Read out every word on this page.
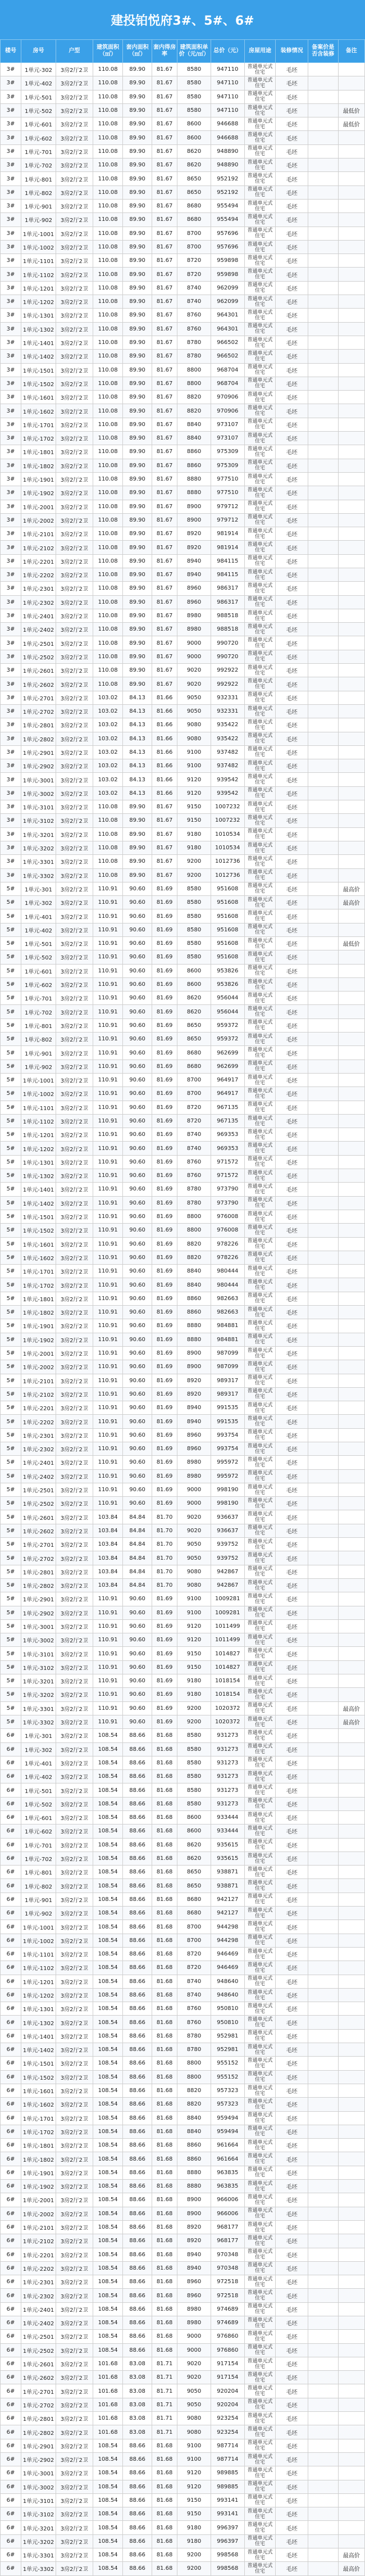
建投铂悦府3#、5#、6#
楼号	房号	户型	建筑面积（㎡）	套内面积（㎡）	套内得房率	建筑面积单价（元/㎡）	总价（元）	房屋用途	装修情况	备案价是否含装修	备注
3#	1单元-302	3房2厅2卫	110.08	89.90	81.67	8580	947110	普通单元式住宅	毛坯		
3#	1单元-402	3房2厅2卫	110.08	89.90	81.67	8580	947110	普通单元式住宅	毛坯		
3#	1单元-501	3房2厅2卫	110.08	89.90	81.67	8580	947110	普通单元式住宅	毛坯		
3#	1单元-502	3房2厅2卫	110.08	89.90	81.67	8580	947110	普通单元式住宅	毛坯		最低价
3#	1单元-601	3房2厅2卫	110.08	89.90	81.67	8600	946688	普通单元式住宅	毛坯		最低价
3#	1单元-602	3房2厅2卫	110.08	89.90	81.67	8600	946688	普通单元式住宅	毛坯		
3#	1单元-701	3房2厅2卫	110.08	89.90	81.67	8620	948890	普通单元式住宅	毛坯		
3#	1单元-702	3房2厅2卫	110.08	89.90	81.67	8620	948890	普通单元式住宅	毛坯		
3#	1单元-801	3房2厅2卫	110.08	89.90	81.67	8650	952192	普通单元式住宅	毛坯		
3#	1单元-802	3房2厅2卫	110.08	89.90	81.67	8650	952192	普通单元式住宅	毛坯		
3#	1单元-901	3房2厅2卫	110.08	89.90	81.67	8680	955494	普通单元式住宅	毛坯		
3#	1单元-902	3房2厅2卫	110.08	89.90	81.67	8680	955494	普通单元式住宅	毛坯		
3#	1单元-1001	3房2厅2卫	110.08	89.90	81.67	8700	957696	普通单元式住宅	毛坯		
3#	1单元-1002	3房2厅2卫	110.08	89.90	81.67	8700	957696	普通单元式住宅	毛坯		
3#	1单元-1101	3房2厅2卫	110.08	89.90	81.67	8720	959898	普通单元式住宅	毛坯		
3#	1单元-1102	3房2厅2卫	110.08	89.90	81.67	8720	959898	普通单元式住宅	毛坯		
3#	1单元-1201	3房2厅2卫	110.08	89.90	81.67	8740	962099	普通单元式住宅	毛坯		
3#	1单元-1202	3房2厅2卫	110.08	89.90	81.67	8740	962099	普通单元式住宅	毛坯		
3#	1单元-1301	3房2厅2卫	110.08	89.90	81.67	8760	964301	普通单元式住宅	毛坯		
3#	1单元-1302	3房2厅2卫	110.08	89.90	81.67	8760	964301	普通单元式住宅	毛坯		
3#	1单元-1401	3房2厅2卫	110.08	89.90	81.67	8780	966502	普通单元式住宅	毛坯		
3#	1单元-1402	3房2厅2卫	110.08	89.90	81.67	8780	966502	普通单元式住宅	毛坯		
3#	1单元-1501	3房2厅2卫	110.08	89.90	81.67	8800	968704	普通单元式住宅	毛坯		
3#	1单元-1502	3房2厅2卫	110.08	89.90	81.67	8800	968704	普通单元式住宅	毛坯		
3#	1单元-1601	3房2厅2卫	110.08	89.90	81.67	8820	970906	普通单元式住宅	毛坯		
3#	1单元-1602	3房2厅2卫	110.08	89.90	81.67	8820	970906	普通单元式住宅	毛坯		
3#	1单元-1701	3房2厅2卫	110.08	89.90	81.67	8840	973107	普通单元式住宅	毛坯		
3#	1单元-1702	3房2厅2卫	110.08	89.90	81.67	8840	973107	普通单元式住宅	毛坯		
3#	1单元-1801	3房2厅2卫	110.08	89.90	81.67	8860	975309	普通单元式住宅	毛坯		
3#	1单元-1802	3房2厅2卫	110.08	89.90	81.67	8860	975309	普通单元式住宅	毛坯		
3#	1单元-1901	3房2厅2卫	110.08	89.90	81.67	8880	977510	普通单元式住宅	毛坯		
3#	1单元-1902	3房2厅2卫	110.08	89.90	81.67	8880	977510	普通单元式住宅	毛坯		
3#	1单元-2001	3房2厅2卫	110.08	89.90	81.67	8900	979712	普通单元式住宅	毛坯		
3#	1单元-2002	3房2厅2卫	110.08	89.90	81.67	8900	979712	普通单元式住宅	毛坯		
3#	1单元-2101	3房2厅2卫	110.08	89.90	81.67	8920	981914	普通单元式住宅	毛坯		
3#	1单元-2102	3房2厅2卫	110.08	89.90	81.67	8920	981914	普通单元式住宅	毛坯		
3#	1单元-2201	3房2厅2卫	110.08	89.90	81.67	8940	984115	普通单元式住宅	毛坯		
3#	1单元-2202	3房2厅2卫	110.08	89.90	81.67	8940	984115	普通单元式住宅	毛坯		
3#	1单元-2301	3房2厅2卫	110.08	89.90	81.67	8960	986317	普通单元式住宅	毛坯		
3#	1单元-2302	3房2厅2卫	110.08	89.90	81.67	8960	986317	普通单元式住宅	毛坯		
3#	1单元-2401	3房2厅2卫	110.08	89.90	81.67	8980	988518	普通单元式住宅	毛坯		
3#	1单元-2402	3房2厅2卫	110.08	89.90	81.67	8980	988518	普通单元式住宅	毛坯		
3#	1单元-2501	3房2厅2卫	110.08	89.90	81.67	9000	990720	普通单元式住宅	毛坯		
3#	1单元-2502	3房2厅2卫	110.08	89.90	81.67	9000	990720	普通单元式住宅	毛坯		
3#	1单元-2601	3房2厅2卫	110.08	89.90	81.67	9020	992922	普通单元式住宅	毛坯		
3#	1单元-2602	3房2厅2卫	110.08	89.90	81.67	9020	992922	普通单元式住宅	毛坯		
3#	1单元-2701	3房2厅2卫	103.02	84.13	81.66	9050	932331	普通单元式住宅	毛坯		
3#	1单元-2702	3房2厅2卫	103.02	84.13	81.66	9050	932331	普通单元式住宅	毛坯		
3#	1单元-2801	3房2厅2卫	103.02	84.13	81.66	9080	935422	普通单元式住宅	毛坯		
3#	1单元-2802	3房2厅2卫	103.02	84.13	81.66	9080	935422	普通单元式住宅	毛坯		
3#	1单元-2901	3房2厅2卫	103.02	84.13	81.66	9100	937482	普通单元式住宅	毛坯		
3#	1单元-2902	3房2厅2卫	103.02	84.13	81.66	9100	937482	普通单元式住宅	毛坯		
3#	1单元-3001	3房2厅2卫	103.02	84.13	81.66	9120	939542	普通单元式住宅	毛坯		
3#	1单元-3002	3房2厅2卫	103.02	84.13	81.66	9120	939542	普通单元式住宅	毛坯		
3#	1单元-3101	3房2厅2卫	110.08	89.90	81.67	9150	1007232	普通单元式住宅	毛坯		
3#	1单元-3102	3房2厅2卫	110.08	89.90	81.67	9150	1007232	普通单元式住宅	毛坯		
3#	1单元-3201	3房2厅2卫	110.08	89.90	81.67	9180	1010534	普通单元式住宅	毛坯		
3#	1单元-3202	3房2厅2卫	110.08	89.90	81.67	9180	1010534	普通单元式住宅	毛坯		
3#	1单元-3301	3房2厅2卫	110.08	89.90	81.67	9200	1012736	普通单元式住宅	毛坯		
3#	1单元-3302	3房2厅2卫	110.08	89.90	81.67	9200	1012736	普通单元式住宅	毛坯		
5#	1单元-301	3房2厅2卫	110.91	90.60	81.69	8580	951608	普通单元式住宅	毛坯		最高价
5#	1单元-302	3房2厅2卫	110.91	90.60	81.69	8580	951608	普通单元式住宅	毛坯		最高价
5#	1单元-401	3房2厅2卫	110.91	90.60	81.69	8580	951608	普通单元式住宅	毛坯		
5#	1单元-402	3房2厅2卫	110.91	90.60	81.69	8580	951608	普通单元式住宅	毛坯		
5#	1单元-501	3房2厅2卫	110.91	90.60	81.69	8580	951608	普通单元式住宅	毛坯		最低价
5#	1单元-502	3房2厅2卫	110.91	90.60	81.69	8580	951608	普通单元式住宅	毛坯		
5#	1单元-601	3房2厅2卫	110.91	90.60	81.69	8600	953826	普通单元式住宅	毛坯		
5#	1单元-602	3房2厅2卫	110.91	90.60	81.69	8600	953826	普通单元式住宅	毛坯		
5#	1单元-701	3房2厅2卫	110.91	90.60	81.69	8620	956044	普通单元式住宅	毛坯		
5#	1单元-702	3房2厅2卫	110.91	90.60	81.69	8620	956044	普通单元式住宅	毛坯		
5#	1单元-801	3房2厅2卫	110.91	90.60	81.69	8650	959372	普通单元式住宅	毛坯		
5#	1单元-802	3房2厅2卫	110.91	90.60	81.69	8650	959372	普通单元式住宅	毛坯		
5#	1单元-901	3房2厅2卫	110.91	90.60	81.69	8680	962699	普通单元式住宅	毛坯		
5#	1单元-902	3房2厅2卫	110.91	90.60	81.69	8680	962699	普通单元式住宅	毛坯		
5#	1单元-1001	3房2厅2卫	110.91	90.60	81.69	8700	964917	普通单元式住宅	毛坯		
5#	1单元-1002	3房2厅2卫	110.91	90.60	81.69	8700	964917	普通单元式住宅	毛坯		
5#	1单元-1101	3房2厅2卫	110.91	90.60	81.69	8720	967135	普通单元式住宅	毛坯		
5#	1单元-1102	3房2厅2卫	110.91	90.60	81.69	8720	967135	普通单元式住宅	毛坯		
5#	1单元-1201	3房2厅2卫	110.91	90.60	81.69	8740	969353	普通单元式住宅	毛坯		
5#	1单元-1202	3房2厅2卫	110.91	90.60	81.69	8740	969353	普通单元式住宅	毛坯		
5#	1单元-1301	3房2厅2卫	110.91	90.60	81.69	8760	971572	普通单元式住宅	毛坯		
5#	1单元-1302	3房2厅2卫	110.91	90.60	81.69	8760	971572	普通单元式住宅	毛坯		
5#	1单元-1401	3房2厅2卫	110.91	90.60	81.69	8780	973790	普通单元式住宅	毛坯		
5#	1单元-1402	3房2厅2卫	110.91	90.60	81.69	8780	973790	普通单元式住宅	毛坯		
5#	1单元-1501	3房2厅2卫	110.91	90.60	81.69	8800	976008	普通单元式住宅	毛坯		
5#	1单元-1502	3房2厅2卫	110.91	90.60	81.69	8800	976008	普通单元式住宅	毛坯		
5#	1单元-1601	3房2厅2卫	110.91	90.60	81.69	8820	978226	普通单元式住宅	毛坯		
5#	1单元-1602	3房2厅2卫	110.91	90.60	81.69	8820	978226	普通单元式住宅	毛坯		
5#	1单元-1701	3房2厅2卫	110.91	90.60	81.69	8840	980444	普通单元式住宅	毛坯		
5#	1单元-1702	3房2厅2卫	110.91	90.60	81.69	8840	980444	普通单元式住宅	毛坯		
5#	1单元-1801	3房2厅2卫	110.91	90.60	81.69	8860	982663	普通单元式住宅	毛坯		
5#	1单元-1802	3房2厅2卫	110.91	90.60	81.69	8860	982663	普通单元式住宅	毛坯		
5#	1单元-1901	3房2厅2卫	110.91	90.60	81.69	8880	984881	普通单元式住宅	毛坯		
5#	1单元-1902	3房2厅2卫	110.91	90.60	81.69	8880	984881	普通单元式住宅	毛坯		
5#	1单元-2001	3房2厅2卫	110.91	90.60	81.69	8900	987099	普通单元式住宅	毛坯		
5#	1单元-2002	3房2厅2卫	110.91	90.60	81.69	8900	987099	普通单元式住宅	毛坯		
5#	1单元-2101	3房2厅2卫	110.91	90.60	81.69	8920	989317	普通单元式住宅	毛坯		
5#	1单元-2102	3房2厅2卫	110.91	90.60	81.69	8920	989317	普通单元式住宅	毛坯		
5#	1单元-2201	3房2厅2卫	110.91	90.60	81.69	8940	991535	普通单元式住宅	毛坯		
5#	1单元-2202	3房2厅2卫	110.91	90.60	81.69	8940	991535	普通单元式住宅	毛坯		
5#	1单元-2301	3房2厅2卫	110.91	90.60	81.69	8960	993754	普通单元式住宅	毛坯		
5#	1单元-2302	3房2厅2卫	110.91	90.60	81.69	8960	993754	普通单元式住宅	毛坯		
5#	1单元-2401	3房2厅2卫	110.91	90.60	81.69	8980	995972	普通单元式住宅	毛坯		
5#	1单元-2402	3房2厅2卫	110.91	90.60	81.69	8980	995972	普通单元式住宅	毛坯		
5#	1单元-2501	3房2厅2卫	110.91	90.60	81.69	9000	998190	普通单元式住宅	毛坯		
5#	1单元-2502	3房2厅2卫	110.91	90.60	81.69	9000	998190	普通单元式住宅	毛坯		
5#	1单元-2601	3房2厅2卫	103.84	84.84	81.70	9020	936637	普通单元式住宅	毛坯		
5#	1单元-2602	3房2厅2卫	103.84	84.84	81.70	9020	936637	普通单元式住宅	毛坯		
5#	1单元-2701	3房2厅2卫	103.84	84.84	81.70	9050	939752	普通单元式住宅	毛坯		
5#	1单元-2702	3房2厅2卫	103.84	84.84	81.70	9050	939752	普通单元式住宅	毛坯		
5#	1单元-2801	3房2厅2卫	103.84	84.84	81.70	9080	942867	普通单元式住宅	毛坯		
5#	1单元-2802	3房2厅2卫	103.84	84.84	81.70	9080	942867	普通单元式住宅	毛坯		
5#	1单元-2901	3房2厅2卫	110.91	90.60	81.69	9100	1009281	普通单元式住宅	毛坯		
5#	1单元-2902	3房2厅2卫	110.91	90.60	81.69	9100	1009281	普通单元式住宅	毛坯		
5#	1单元-3001	3房2厅2卫	110.91	90.60	81.69	9120	1011499	普通单元式住宅	毛坯		
5#	1单元-3002	3房2厅2卫	110.91	90.60	81.69	9120	1011499	普通单元式住宅	毛坯		
5#	1单元-3101	3房2厅2卫	110.91	90.60	81.69	9150	1014827	普通单元式住宅	毛坯		
5#	1单元-3102	3房2厅2卫	110.91	90.60	81.69	9150	1014827	普通单元式住宅	毛坯		
5#	1单元-3201	3房2厅2卫	110.91	90.60	81.69	9180	1018154	普通单元式住宅	毛坯		
5#	1单元-3202	3房2厅2卫	110.91	90.60	81.69	9180	1018154	普通单元式住宅	毛坯		
5#	1单元-3301	3房2厅2卫	110.91	90.60	81.69	9200	1020372	普通单元式住宅	毛坯		最高价
5#	1单元-3302	3房2厅2卫	110.91	90.60	81.69	9200	1020372	普通单元式住宅	毛坯		最高价
6#	1单元-301	3房2厅2卫	108.54	88.66	81.68	8580	931273	普通单元式住宅	毛坯		
6#	1单元-302	3房2厅2卫	108.54	88.66	81.68	8580	931273	普通单元式住宅	毛坯		
6#	1单元-401	3房2厅2卫	108.54	88.66	81.68	8580	931273	普通单元式住宅	毛坯		
6#	1单元-402	3房2厅2卫	108.54	88.66	81.68	8580	931273	普通单元式住宅	毛坯		
6#	1单元-501	3房2厅2卫	108.54	88.66	81.68	8580	931273	普通单元式住宅	毛坯		
6#	1单元-502	3房2厅2卫	108.54	88.66	81.68	8580	931273	普通单元式住宅	毛坯		
6#	1单元-601	3房2厅2卫	108.54	88.66	81.68	8600	933444	普通单元式住宅	毛坯		
6#	1单元-602	3房2厅2卫	108.54	88.66	81.68	8600	933444	普通单元式住宅	毛坯		
6#	1单元-701	3房2厅2卫	108.54	88.66	81.68	8620	935615	普通单元式住宅	毛坯		
6#	1单元-702	3房2厅2卫	108.54	88.66	81.68	8620	935615	普通单元式住宅	毛坯		
6#	1单元-801	3房2厅2卫	108.54	88.66	81.68	8650	938871	普通单元式住宅	毛坯		
6#	1单元-802	3房2厅2卫	108.54	88.66	81.68	8650	938871	普通单元式住宅	毛坯		
6#	1单元-901	3房2厅2卫	108.54	88.66	81.68	8680	942127	普通单元式住宅	毛坯		
6#	1单元-902	3房2厅2卫	108.54	88.66	81.68	8680	942127	普通单元式住宅	毛坯		
6#	1单元-1001	3房2厅2卫	108.54	88.66	81.68	8700	944298	普通单元式住宅	毛坯		
6#	1单元-1002	3房2厅2卫	108.54	88.66	81.68	8700	944298	普通单元式住宅	毛坯		
6#	1单元-1101	3房2厅2卫	108.54	88.66	81.68	8720	946469	普通单元式住宅	毛坯		
6#	1单元-1102	3房2厅2卫	108.54	88.66	81.68	8720	946469	普通单元式住宅	毛坯		
6#	1单元-1201	3房2厅2卫	108.54	88.66	81.68	8740	948640	普通单元式住宅	毛坯		
6#	1单元-1202	3房2厅2卫	108.54	88.66	81.68	8740	948640	普通单元式住宅	毛坯		
6#	1单元-1301	3房2厅2卫	108.54	88.66	81.68	8760	950810	普通单元式住宅	毛坯		
6#	1单元-1302	3房2厅2卫	108.54	88.66	81.68	8760	950810	普通单元式住宅	毛坯		
6#	1单元-1401	3房2厅2卫	108.54	88.66	81.68	8780	952981	普通单元式住宅	毛坯		
6#	1单元-1402	3房2厅2卫	108.54	88.66	81.68	8780	952981	普通单元式住宅	毛坯		
6#	1单元-1501	3房2厅2卫	108.54	88.66	81.68	8800	955152	普通单元式住宅	毛坯		
6#	1单元-1502	3房2厅2卫	108.54	88.66	81.68	8800	955152	普通单元式住宅	毛坯		
6#	1单元-1601	3房2厅2卫	108.54	88.66	81.68	8820	957323	普通单元式住宅	毛坯		
6#	1单元-1602	3房2厅2卫	108.54	88.66	81.68	8820	957323	普通单元式住宅	毛坯		
6#	1单元-1701	3房2厅2卫	108.54	88.66	81.68	8840	959494	普通单元式住宅	毛坯		
6#	1单元-1702	3房2厅2卫	108.54	88.66	81.68	8840	959494	普通单元式住宅	毛坯		
6#	1单元-1801	3房2厅2卫	108.54	88.66	81.68	8860	961664	普通单元式住宅	毛坯		
6#	1单元-1802	3房2厅2卫	108.54	88.66	81.68	8860	961664	普通单元式住宅	毛坯		
6#	1单元-1901	3房2厅2卫	108.54	88.66	81.68	8880	963835	普通单元式住宅	毛坯		
6#	1单元-1902	3房2厅2卫	108.54	88.66	81.68	8880	963835	普通单元式住宅	毛坯		
6#	1单元-2001	3房2厅2卫	108.54	88.66	81.68	8900	966006	普通单元式住宅	毛坯		
6#	1单元-2002	3房2厅2卫	108.54	88.66	81.68	8900	966006	普通单元式住宅	毛坯		
6#	1单元-2101	3房2厅2卫	108.54	88.66	81.68	8920	968177	普通单元式住宅	毛坯		
6#	1单元-2102	3房2厅2卫	108.54	88.66	81.68	8920	968177	普通单元式住宅	毛坯		
6#	1单元-2201	3房2厅2卫	108.54	88.66	81.68	8940	970348	普通单元式住宅	毛坯		
6#	1单元-2202	3房2厅2卫	108.54	88.66	81.68	8940	970348	普通单元式住宅	毛坯		
6#	1单元-2301	3房2厅2卫	108.54	88.66	81.68	8960	972518	普通单元式住宅	毛坯		
6#	1单元-2302	3房2厅2卫	108.54	88.66	81.68	8960	972518	普通单元式住宅	毛坯		
6#	1单元-2401	3房2厅2卫	108.54	88.66	81.68	8980	974689	普通单元式住宅	毛坯		
6#	1单元-2402	3房2厅2卫	108.54	88.66	81.68	8980	974689	普通单元式住宅	毛坯		
6#	1单元-2501	3房2厅2卫	108.54	88.66	81.68	9000	976860	普通单元式住宅	毛坯		
6#	1单元-2502	3房2厅2卫	108.54	88.66	81.68	9000	976860	普通单元式住宅	毛坯		
6#	1单元-2601	3房2厅2卫	101.68	83.08	81.71	9020	917154	普通单元式住宅	毛坯		
6#	1单元-2602	3房2厅2卫	101.68	83.08	81.71	9020	917154	普通单元式住宅	毛坯		
6#	1单元-2701	3房2厅2卫	101.68	83.08	81.71	9050	920204	普通单元式住宅	毛坯		
6#	1单元-2702	3房2厅2卫	101.68	83.08	81.71	9050	920204	普通单元式住宅	毛坯		
6#	1单元-2801	3房2厅2卫	101.68	83.08	81.71	9080	923254	普通单元式住宅	毛坯		
6#	1单元-2802	3房2厅2卫	101.68	83.08	81.71	9080	923254	普通单元式住宅	毛坯		
6#	1单元-2901	3房2厅2卫	108.54	88.66	81.68	9100	987714	普通单元式住宅	毛坯		
6#	1单元-2902	3房2厅2卫	108.54	88.66	81.68	9100	987714	普通单元式住宅	毛坯		
6#	1单元-3001	3房2厅2卫	108.54	88.66	81.68	9120	989885	普通单元式住宅	毛坯		
6#	1单元-3002	3房2厅2卫	108.54	88.66	81.68	9120	989885	普通单元式住宅	毛坯		
6#	1单元-3101	3房2厅2卫	108.54	88.66	81.68	9150	993141	普通单元式住宅	毛坯		
6#	1单元-3102	3房2厅2卫	108.54	88.66	81.68	9150	993141	普通单元式住宅	毛坯		
6#	1单元-3201	3房2厅2卫	108.54	88.66	81.68	9180	996397	普通单元式住宅	毛坯		
6#	1单元-3202	3房2厅2卫	108.54	88.66	81.68	9180	996397	普通单元式住宅	毛坯		
6#	1单元-3301	3房2厅2卫	108.54	88.66	81.68	9200	998568	普通单元式住宅	毛坯		最高价
6#	1单元-3302	3房2厅2卫	108.54	88.66	81.68	9200	998568	普通单元式住宅	毛坯		最高价
